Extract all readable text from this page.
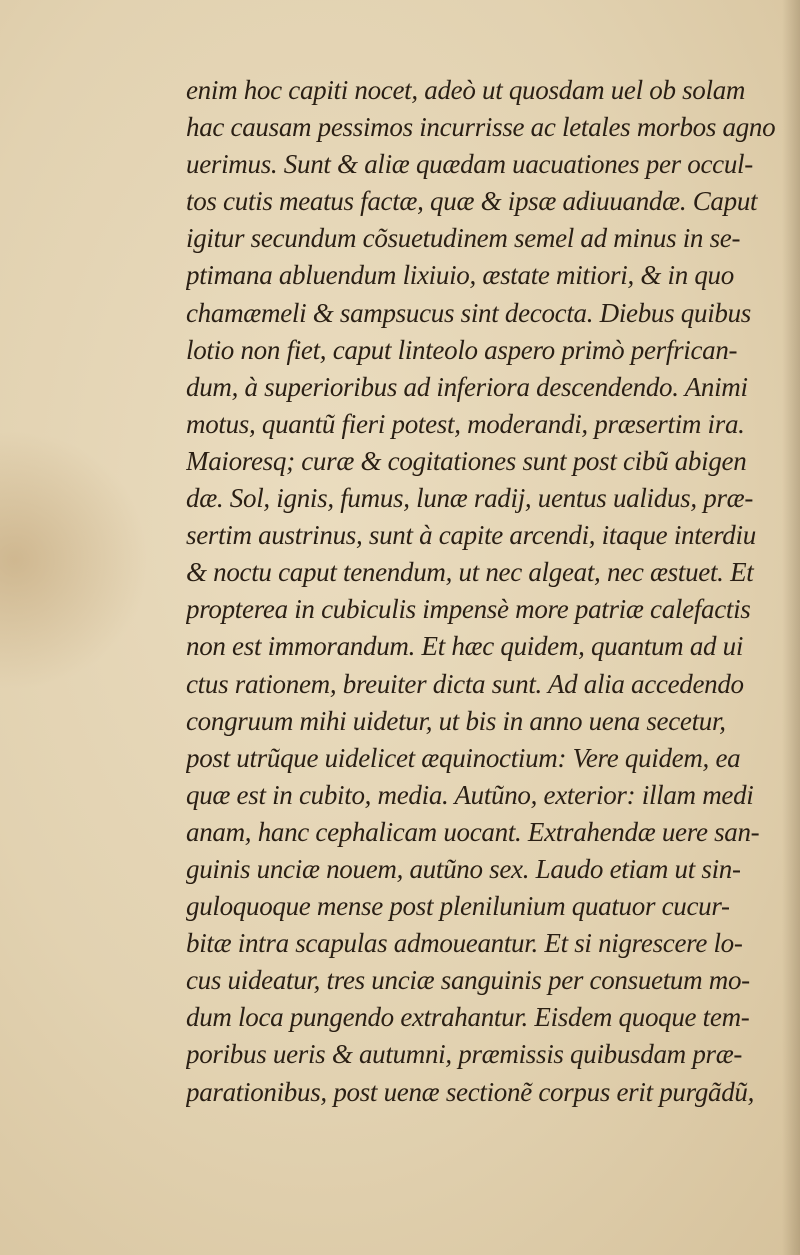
enim hoc capiti nocet, adeò ut quosdam uel ob solam
hac causam pessimos incurrisse ac letales morbos agno
uerimus. Sunt & aliæ quædam uacuationes per occul-
tos cutis meatus factæ, quæ & ipsæ adiuuandæ. Caput
igitur secundum cõsuetudinem semel ad minus in se-
ptimana abluendum lixiuio, æstate mitiori, & in quo
chamæmeli & sampsucus sint decocta. Diebus quibus
lotio non fiet, caput linteolo aspero primò perfrican-
dum, à superioribus ad inferiora descendendo. Animi
motus, quantũ fieri potest, moderandi, præsertim ira.
Maioresq; curæ & cogitationes sunt post cibũ abigen
dæ. Sol, ignis, fumus, lunæ radij, uentus ualidus, præ-
sertim austrinus, sunt à capite arcendi, itaque interdiu
& noctu caput tenendum, ut nec algeat, nec æstuet. Et
propterea in cubiculis impensè more patriæ calefactis
non est immorandum. Et hæc quidem, quantum ad ui
ctus rationem, breuiter dicta sunt. Ad alia accedendo
congruum mihi uidetur, ut bis in anno uena secetur,
post utrũque uidelicet æquinoctium: Vere quidem, ea
quæ est in cubito, media. Autũno, exterior: illam medi
anam, hanc cephalicam uocant. Extrahendæ uere san-
guinis unciæ nouem, autũno sex. Laudo etiam ut sin-
guloquoque mense post plenilunium quatuor cucur-
bitæ intra scapulas admoueantur. Et si nigrescere lo-
cus uideatur, tres unciæ sanguinis per consuetum mo-
dum loca pungendo extrahantur. Eisdem quoque tem-
poribus ueris & autumni, præmissis quibusdam præ-
parationibus, post uenæ sectionẽ corpus erit purgãdũ,
